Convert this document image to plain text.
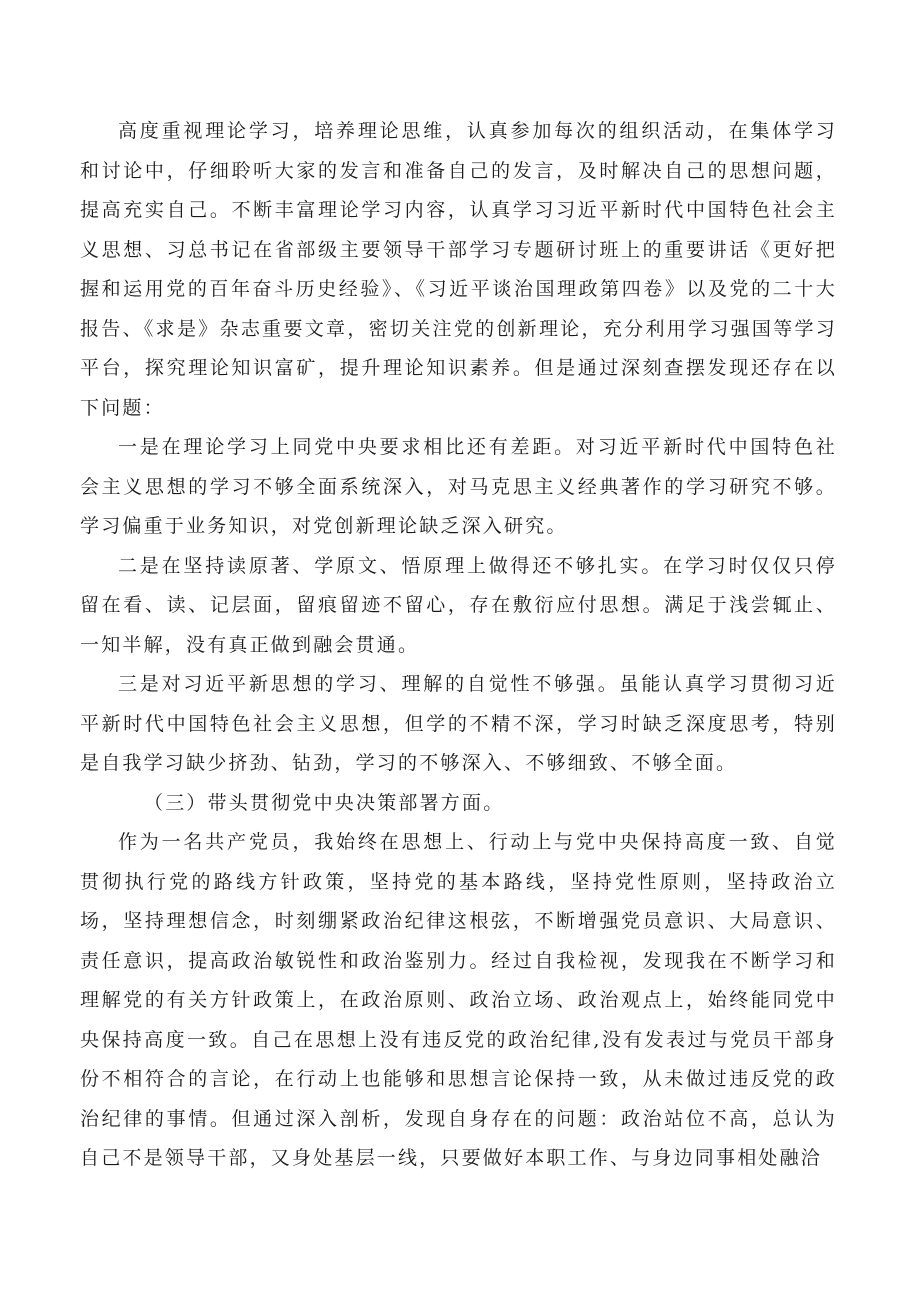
高度重视理论学习，培养理论思维，认真参加每次的组织活动，在集体学习和讨论中，仔细聆听大家的发言和准备自己的发言，及时解决自己的思想问题，提高充实自己。不断丰富理论学习内容，认真学习习近平新时代中国特色社会主义思想、习总书记在省部级主要领导干部学习专题研讨班上的重要讲话《更好把握和运用党的百年奋斗历史经验》、《习近平谈治国理政第四卷》以及党的二十大报告、《求是》杂志重要文章，密切关注党的创新理论，充分利用学习强国等学习平台，探究理论知识富矿，提升理论知识素养。但是通过深刻查摆发现还存在以下问题：

一是在理论学习上同党中央要求相比还有差距。对习近平新时代中国特色社会主义思想的学习不够全面系统深入，对马克思主义经典著作的学习研究不够。学习偏重于业务知识，对党创新理论缺乏深入研究。

二是在坚持读原著、学原文、悟原理上做得还不够扎实。在学习时仅仅只停留在看、读、记层面，留痕留迹不留心，存在敷衍应付思想。满足于浅尝辄止、一知半解，没有真正做到融会贯通。

三是对习近平新思想的学习、理解的自觉性不够强。虽能认真学习贯彻习近平新时代中国特色社会主义思想，但学的不精不深，学习时缺乏深度思考，特别是自我学习缺少挤劲、钻劲，学习的不够深入、不够细致、不够全面。

（三）带头贯彻党中央决策部署方面。

作为一名共产党员，我始终在思想上、行动上与党中央保持高度一致、自觉贯彻执行党的路线方针政策，坚持党的基本路线，坚持党性原则，坚持政治立场，坚持理想信念，时刻绷紧政治纪律这根弦，不断增强党员意识、大局意识、责任意识，提高政治敏锐性和政治鉴别力。经过自我检视，发现我在不断学习和理解党的有关方针政策上，在政治原则、政治立场、政治观点上，始终能同党中央保持高度一致。自己在思想上没有违反党的政治纪律,没有发表过与党员干部身份不相符合的言论，在行动上也能够和思想言论保持一致，从未做过违反党的政治纪律的事情。但通过深入剖析，发现自身存在的问题：政治站位不高，总认为自己不是领导干部，又身处基层一线，只要做好本职工作、与身边同事相处融洽
